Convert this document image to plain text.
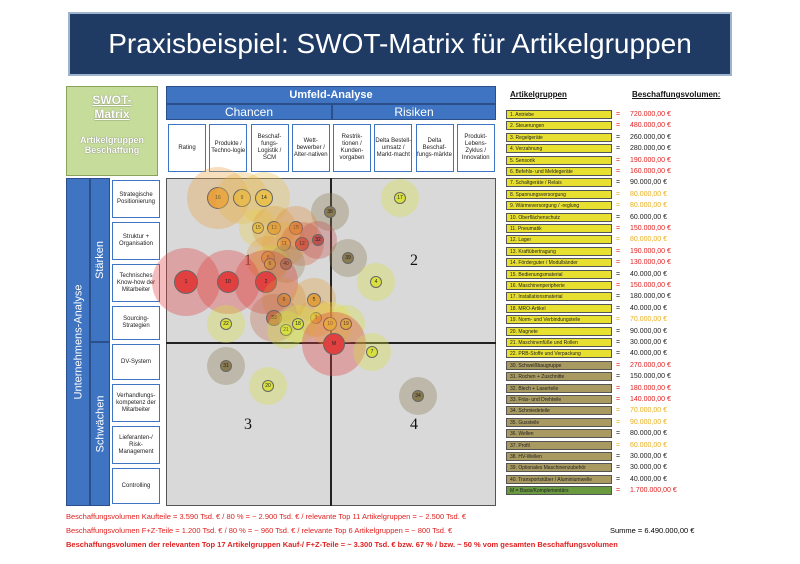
Praxisbeispiel: SWOT-Matrix für Artikelgruppen
SWOT-
Matrix
Artikelgruppen
Beschaffung
Umfeld-Analyse
Chancen	Risiken
Rating
Produkte / Techno-logie
Beschaf-fungs-Logistik / SCM
Wett-bewerber / Alter-nativen
Restrik-tionen / Kunden-vorgaben
Delta Bestell-umsatz / Markt-macht
Delta Beschaf-fungs-märkte
Produkt-Lebens-Zyklus / Innovation
Unternehmens-Analyse
Stärken
Schwächen
Strategische Positionierung
Struktur + Organisation
Technisches Know-how der Mitarbeiter
Sourcing-Strategien
DV-System
Verhandlungs-kompetenz der Mitarbeiter
Lieferanten-/ Risk-Management
Controlling
1	2
3	4
16	9	14
38
17
15	13	15
11	12
32
6	40
1	10	2
39
4
6	5
33	3
22
21
18	10	19
M
7
31
20
34
Artikelgruppen	Beschaffungsvolumen:
1. Antriebe	= 720.000,00 €
2. Steuerungen	= 480.000,00 €
3. Regelgeräte	= 260.000,00 €
4. Verzahnung	= 280.000,00 €
5. Sensorik	= 190.000,00 €
6. Befehls- und Meldegeräte	= 160.000,00 €
7. Schaltgeräte / Relais	= 90.000,00 €
8. Spannungsversorgung	= 80.000,00 €
9. Wärmeversorgung / -reglung	= 80.000,00 €
10. Oberflächenschutz	= 60.000,00 €
11. Pneumatik	= 150.000,00 €
12. Lager	= 80.000,00 €
13. Kraftübertragung	= 190.000,00 €
14. Förderguter / Modulbänder	= 130.000,00 €
15. Bedienungsmaterial	= 40.000,00 €
16. Maschinenperipherie	= 150.000,00 €
17. Installationsmaterial	= 180.000,00 €
18. MRO-Artikel	= 40.000,00 €
19. Norm- und Verbindungsteile	= 70.000,00 €
20. Magnete	= 90.000,00 €
21. Maschinenfüße und Rollen	= 30.000,00 €
22. PRB-Stoffe und Verpackung	= 40.000,00 €
30. Schweißbaugruppe	= 270.000,00 €
31. Rochen + Zuschnitte	= 150.000,00 €
32. Blech + Laserteile	= 180.000,00 €
33. Fräs- und Drehteile	= 140.000,00 €
34. Schmiedeteile	= 70.000,00 €
35. Gussteile	= 90.000,00 €
36. Wellen	= 80.000,00 €
37. Profil	= 60.000,00 €
38. HV-Wellen	= 30.000,00 €
39. Optionales Maschinenzubehör	= 30.000,00 €
40. Transportstüber / Aluminiumwelle	= 40.000,00 €
M = Basis/Komplementärs	= 1.700.000,00 €
Summe = 6.490.000,00 €
Beschaffungsvolumen Kaufteile = 3.590 Tsd. € / 80 % = ~ 2.900 Tsd. € / relevante Top 11 Artikelgruppen = ~ 2.500 Tsd. €
Beschaffungsvolumen F+Z-Teile = 1.200 Tsd. € / 80 % = ~ 960 Tsd. € / relevante Top 6 Artikelgruppen = ~ 800 Tsd. €
Beschaffungsvolumen der relevanten Top 17 Artikelgruppen Kauf-/ F+Z-Teile = ~ 3.300 Tsd. € bzw. 67 % / bzw. ~ 50 % vom gesamten Beschaffungsvolumen
